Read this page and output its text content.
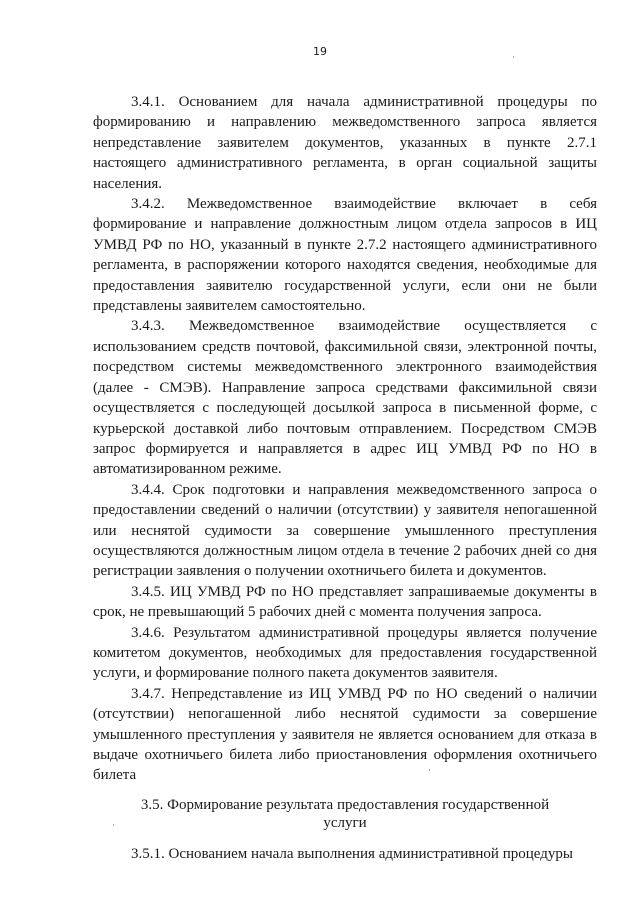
19

3.4.1. Основанием для начала административной процедуры по формированию и направлению межведомственного запроса является непредставление заявителем документов, указанных в пункте 2.7.1 настоящего административного регламента, в орган социальной защиты населения.

3.4.2. Межведомственное взаимодействие включает в себя формирование и направление должностным лицом отдела запросов в ИЦ УМВД РФ по НО, указанный в пункте 2.7.2 настоящего административного регламента, в распоряжении которого находятся сведения, необходимые для предоставления заявителю государственной услуги, если они не были представлены заявителем самостоятельно.

3.4.3. Межведомственное взаимодействие осуществляется с использованием средств почтовой, факсимильной связи, электронной почты, посредством системы межведомственного электронного взаимодействия (далее - СМЭВ). Направление запроса средствами факсимильной связи осуществляется с последующей досылкой запроса в письменной форме, с курьерской доставкой либо почтовым отправлением. Посредством СМЭВ запрос формируется и направляется в адрес ИЦ УМВД РФ по НО в автоматизированном режиме.

3.4.4. Срок подготовки и направления межведомственного запроса о предоставлении сведений о наличии (отсутствии) у заявителя непогашенной или неснятой судимости за совершение умышленного преступления осуществляются должностным лицом отдела в течение 2 рабочих дней со дня регистрации заявления о получении охотничьего билета и документов.

3.4.5. ИЦ УМВД РФ по НО представляет запрашиваемые документы в срок, не превышающий 5 рабочих дней с момента получения запроса.

3.4.6. Результатом административной процедуры является получение комитетом документов, необходимых для предоставления государственной услуги, и формирование полного пакета документов заявителя.

3.4.7. Непредставление из ИЦ УМВД РФ по НО сведений о наличии (отсутствии) непогашенной либо неснятой судимости за совершение умышленного преступления у заявителя не является основанием для отказа в выдаче охотничьего билета либо приостановления оформления охотничьего билета

3.5. Формирование результата предоставления государственной
услуги

3.5.1. Основанием начала выполнения административной процедуры

·
·
·
